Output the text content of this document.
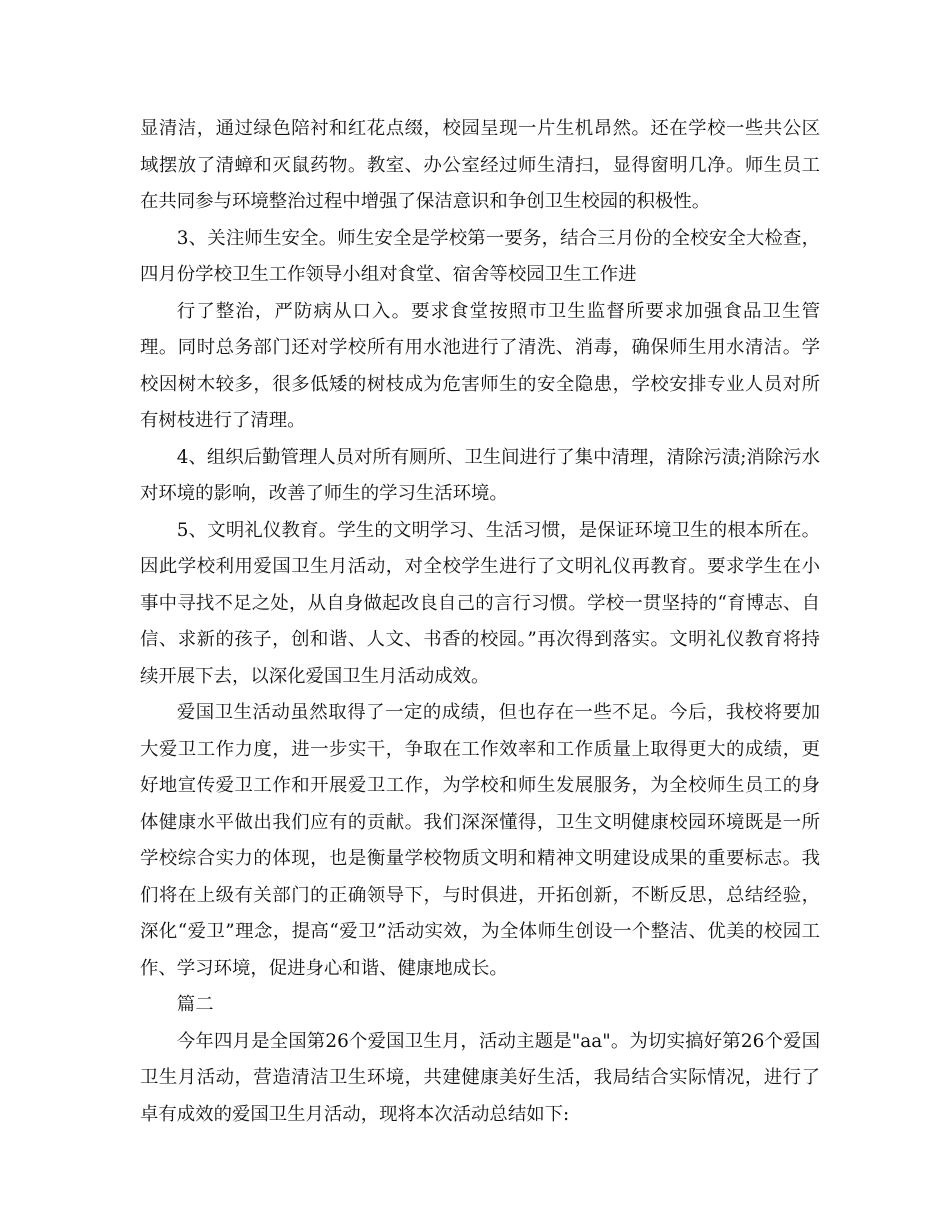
显清洁，通过绿色陪衬和红花点缀，校园呈现一片生机昂然。还在学校一些共公区域摆放了清蟑和灭鼠药物。教室、办公室经过师生清扫，显得窗明几净。师生员工在共同参与环境整治过程中增强了保洁意识和争创卫生校园的积极性。

3、关注师生安全。师生安全是学校第一要务，结合三月份的全校安全大检查，四月份学校卫生工作领导小组对食堂、宿舍等校园卫生工作进

行了整治，严防病从口入。要求食堂按照市卫生监督所要求加强食品卫生管理。同时总务部门还对学校所有用水池进行了清洗、消毒，确保师生用水清洁。学校因树木较多，很多低矮的树枝成为危害师生的安全隐患，学校安排专业人员对所有树枝进行了清理。

4、组织后勤管理人员对所有厕所、卫生间进行了集中清理，清除污渍;消除污水对环境的影响，改善了师生的学习生活环境。

5、文明礼仪教育。学生的文明学习、生活习惯，是保证环境卫生的根本所在。因此学校利用爱国卫生月活动，对全校学生进行了文明礼仪再教育。要求学生在小事中寻找不足之处，从自身做起改良自己的言行习惯。学校一贯坚持的“育博志、自信、求新的孩子，创和谐、人文、书香的校园。”再次得到落实。文明礼仪教育将持续开展下去，以深化爱国卫生月活动成效。

爱国卫生活动虽然取得了一定的成绩，但也存在一些不足。今后，我校将要加大爱卫工作力度，进一步实干，争取在工作效率和工作质量上取得更大的成绩，更好地宣传爱卫工作和开展爱卫工作，为学校和师生发展服务，为全校师生员工的身体健康水平做出我们应有的贡献。我们深深懂得，卫生文明健康校园环境既是一所学校综合实力的体现，也是衡量学校物质文明和精神文明建设成果的重要标志。我们将在上级有关部门的正确领导下，与时俱进，开拓创新，不断反思，总结经验，深化“爱卫”理念，提高“爱卫”活动实效，为全体师生创设一个整洁、优美的校园工作、学习环境，促进身心和谐、健康地成长。

篇二

今年四月是全国第26个爱国卫生月，活动主题是"aa"。为切实搞好第26个爱国卫生月活动，营造清洁卫生环境，共建健康美好生活，我局结合实际情况，进行了卓有成效的爱国卫生月活动，现将本次活动总结如下:
